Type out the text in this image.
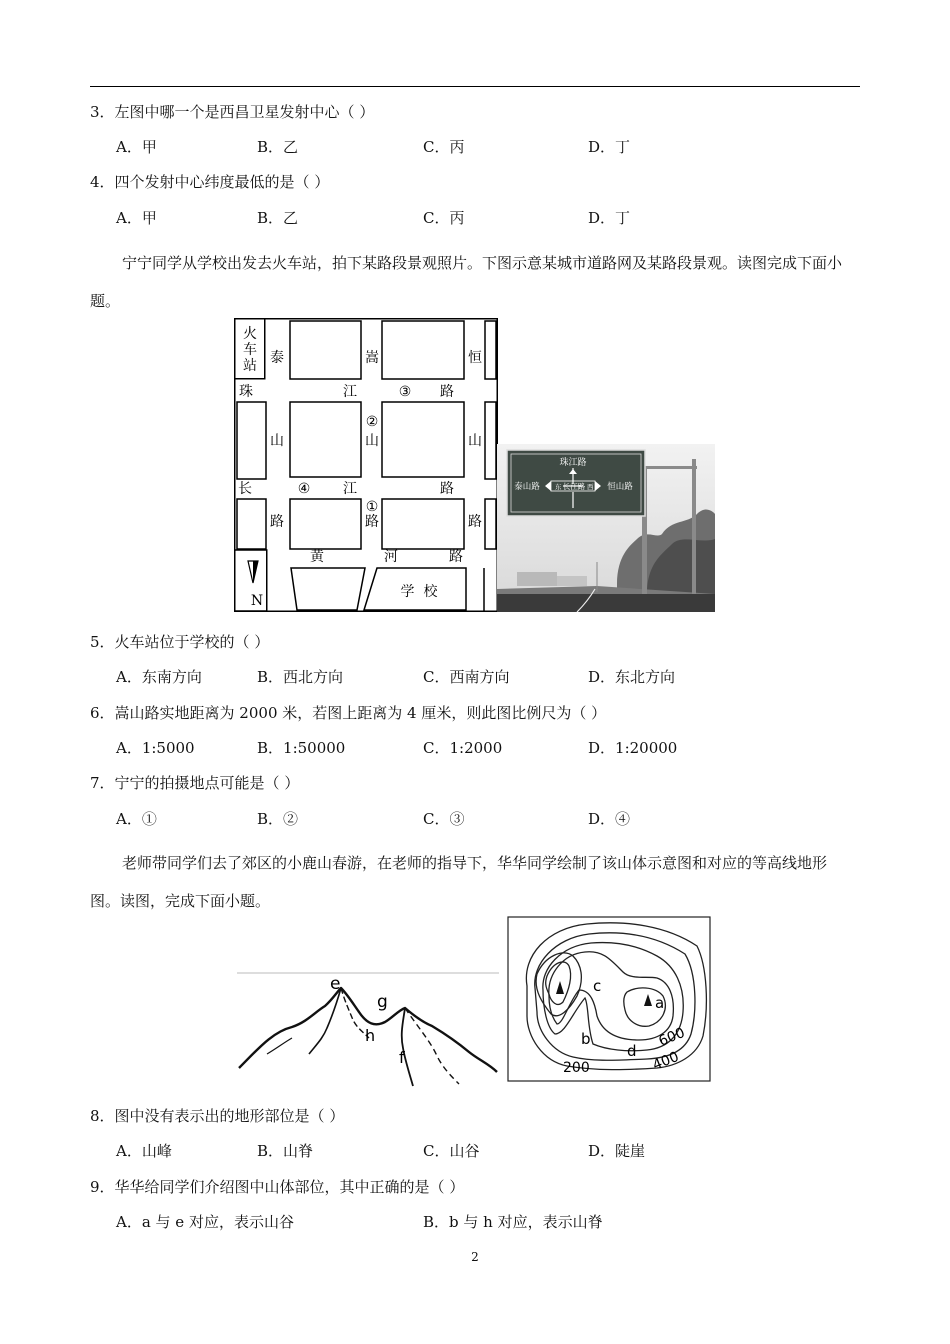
3．左图中哪一个是西昌卫星发射中心（ ）
A．甲	B．乙	C．丙	D．丁
4．四个发射中心纬度最低的是（ ）
A．甲	B．乙	C．丙	D．丁
宁宁同学从学校出发去火车站，拍下某路段景观照片。下图示意某城市道路网及某路段景观。读图完成下面小题。
N
火
车
站 泰	嵩	恒
珠	江	③ 路
山
②
山	山
长	④ 江	路
路
①
路	路
黄	河	路
学  校
珠江路
泰山路 东 长江路 西 恒山路
5．火车站位于学校的（ ）
A．东南方向	B．西北方向	C．西南方向	D．东北方向
6．嵩山路实地距离为 2000 米，若图上距离为 4 厘米，则此图比例尺为（ ）
A．1:5000	B．1:50000	C．1:2000	D．1:20000
7．宁宁的拍摄地点可能是（ ）
A．①	B．②	C．③	D．④
老师带同学们去了郊区的小鹿山春游，在老师的指导下，华华同学绘制了该山体示意图和对应的等高线地形图。读图，完成下面小题。
e
g
h
f
c
a
b
d
600
400
200
8．图中没有表示出的地形部位是（ ）
A．山峰	B．山脊	C．山谷	D．陡崖
9．华华给同学们介绍图中山体部位，其中正确的是（ ）
A．a 与 e 对应，表示山谷	B．b 与 h 对应，表示山脊
2
